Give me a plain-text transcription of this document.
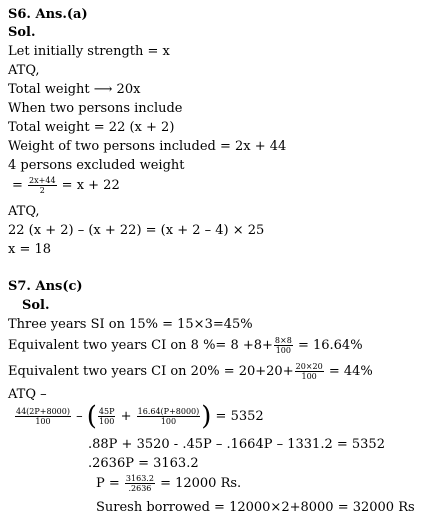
S6. Ans.(a)
Sol.
Let initially strength = x
ATQ,
Total weight ⟶ 20x
When two persons include
Total weight = 22 (x + 2)
Weight of two persons included = 2x + 44
4 persons excluded weight
= $\frac{2x+44}{2} = x + 22$
ATQ,
22 (x + 2) – (x + 22) = (x + 2 – 4) × 25
x = 18
S7. Ans(c)
Sol.
Three years SI on 15% = 15×3=45%
Equivalent two years CI on 8 %= $8 +8+ \frac{8\times 8}{100} = 16.64\%$
Equivalent two years CI on $20\% = 20+20+ \frac{20\times 20}{100} = 44\%$
ATQ –
$\frac{44(2P+8000)}{100}$ – ( $\frac{45P}{100} + \frac{16.64(P+8000)}{100}$ ) = 5352
.88P + 3520 - .45P – .1664P – 1331.2 = 5352
.2636P = 3163.2
$P = \frac{3163.2}{.2636} = 12000$ Rs.
Suresh borrowed = 12000×2+8000 = 32000 Rs
